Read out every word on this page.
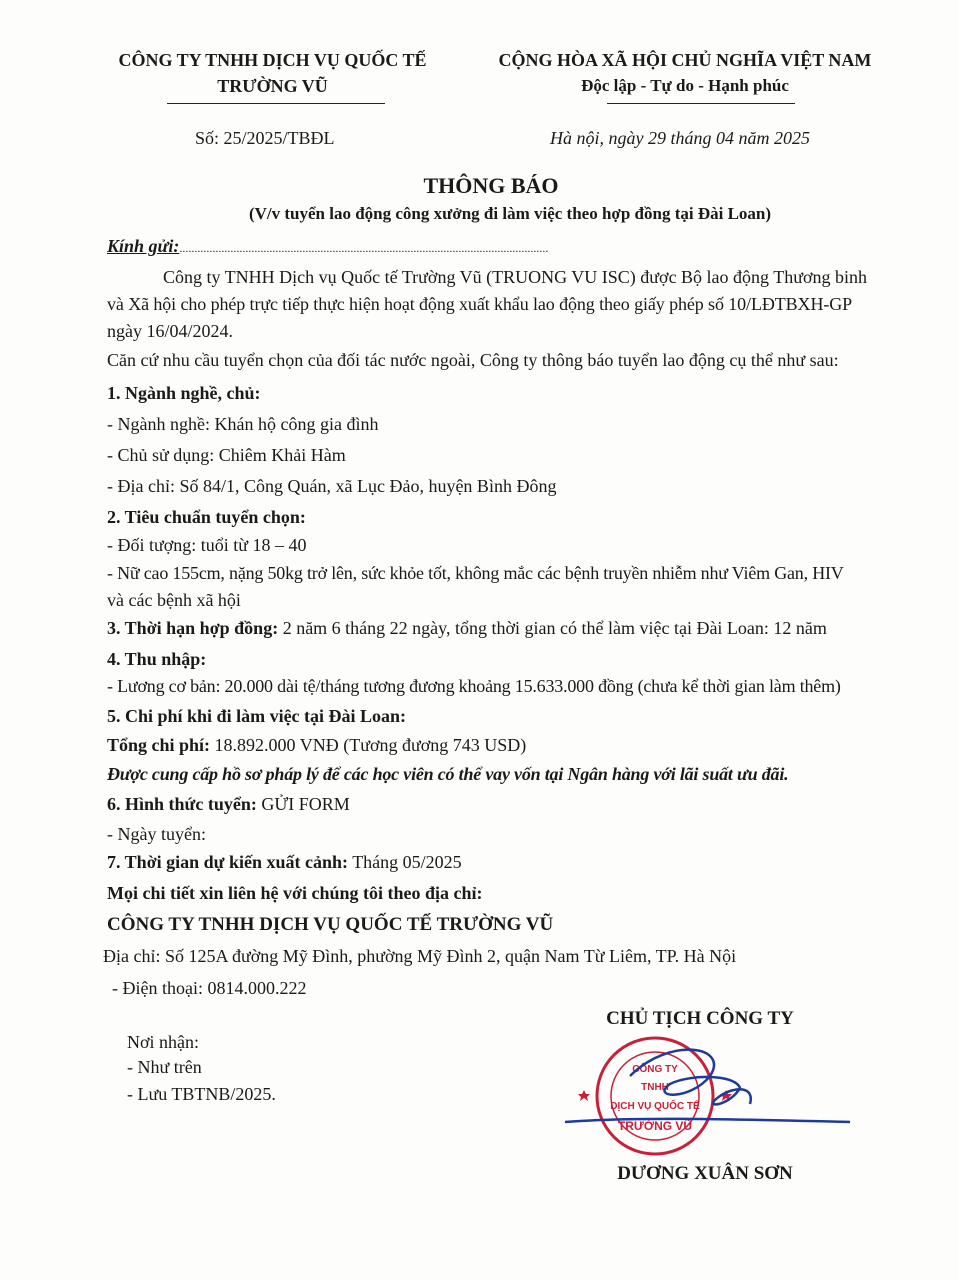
CÔNG TY TNHH DỊCH VỤ QUỐC TẾ
TRƯỜNG VŨ
CỘNG HÒA XÃ HỘI CHỦ NGHĨA VIỆT NAM
Độc lập - Tự do - Hạnh phúc
Số: 25/2025/TBĐL	Hà nội, ngày 29 tháng 04 năm 2025
THÔNG BÁO
(V/v tuyển lao động công xưởng đi làm việc theo hợp đồng tại Đài Loan)
Kính gửi:...........................................................................................................................
Công ty TNHH Dịch vụ Quốc tế Trường Vũ (TRUONG VU ISC) được Bộ lao động Thương binh
và Xã hội cho phép trực tiếp thực hiện hoạt động xuất khẩu lao động theo giấy phép số 10/LĐTBXH-GP
ngày 16/04/2024.
Căn cứ nhu cầu tuyển chọn của đối tác nước ngoài, Công ty thông báo tuyển lao động cụ thể như sau:
1. Ngành nghề, chủ:
- Ngành nghề: Khán hộ công gia đình
- Chủ sử dụng: Chiêm Khải Hàm
- Địa chỉ: Số 84/1, Công Quán, xã Lục Đảo, huyện Bình Đông
2. Tiêu chuẩn tuyển chọn:
- Đối tượng: tuổi từ 18 – 40
- Nữ cao 155cm, nặng 50kg trở lên, sức khỏe tốt, không mắc các bệnh truyền nhiễm như Viêm Gan, HIV
và các bệnh xã hội
3. Thời hạn hợp đồng: 2 năm 6 tháng 22 ngày, tổng thời gian có thể làm việc tại Đài Loan: 12 năm
4. Thu nhập:
- Lương cơ bản: 20.000 dài tệ/tháng tương đương khoảng 15.633.000 đồng (chưa kể thời gian làm thêm)
5. Chi phí khi đi làm việc tại Đài Loan:
Tổng chi phí: 18.892.000 VNĐ (Tương đương 743 USD)
Được cung cấp hồ sơ pháp lý để các học viên có thể vay vốn tại Ngân hàng với lãi suất ưu đãi.
6. Hình thức tuyển: GỬI FORM
- Ngày tuyển:
7. Thời gian dự kiến xuất cảnh: Tháng 05/2025
Mọi chi tiết xin liên hệ với chúng tôi theo địa chỉ:
CÔNG TY TNHH DỊCH VỤ QUỐC TẾ TRƯỜNG VŨ
Địa chỉ: Số 125A đường Mỹ Đình, phường Mỹ Đình 2, quận Nam Từ Liêm, TP. Hà Nội
- Điện thoại: 0814.000.222
Nơi nhận:
- Như trên
- Lưu TBTNB/2025.
CHỦ TỊCH CÔNG TY
CÔNG TY
TNHH
DỊCH VỤ QUỐC TẾ
TRƯỜNG VŨ
DƯƠNG XUÂN SƠN
